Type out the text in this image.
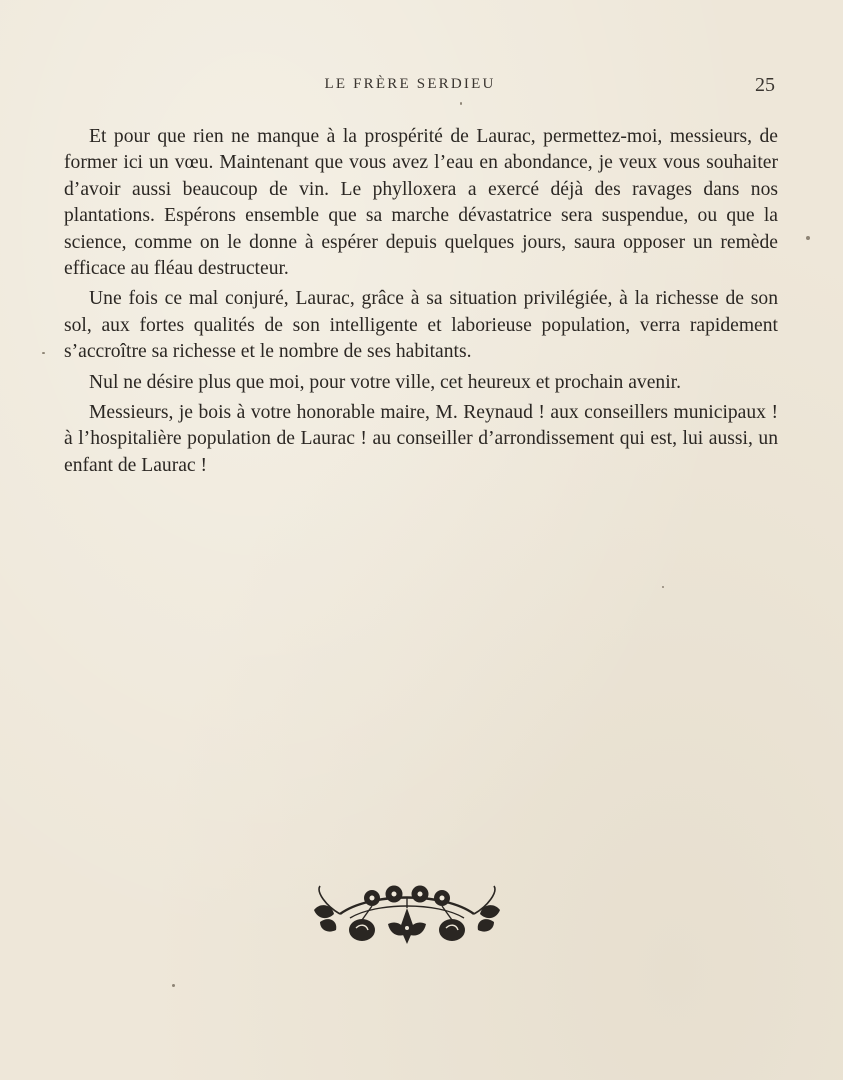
LE FRÈRE SERDIEU	25

Et pour que rien ne manque à la prospérité de Laurac, permettez-moi, messieurs, de former ici un vœu. Maintenant que vous avez l’eau en abondance, je veux vous souhaiter d’avoir aussi beaucoup de vin. Le phylloxera a exercé déjà des ravages dans nos plantations. Espérons ensemble que sa marche dévastatrice sera suspendue, ou que la science, comme on le donne à espérer depuis quelques jours, saura opposer un remède efficace au fléau destructeur.

Une fois ce mal conjuré, Laurac, grâce à sa situation privilégiée, à la richesse de son sol, aux fortes qualités de son intelligente et laborieuse population, verra rapidement s’accroître sa richesse et le nombre de ses habitants.

Nul ne désire plus que moi, pour votre ville, cet heureux et prochain avenir.

Messieurs, je bois à votre honorable maire, M. Reynaud ! aux conseillers municipaux ! à l’hospitalière population de Laurac ! au conseiller d’arrondissement qui est, lui aussi, un enfant de Laurac !
